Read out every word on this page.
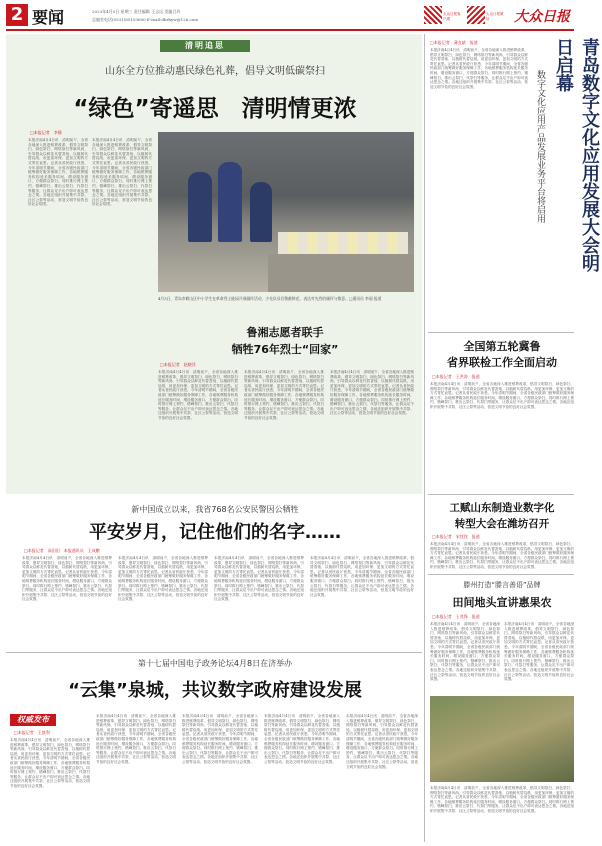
2 要闻	2023年4月5日 星期三 责任编辑 王志远 美编吕玲
总编室电话(0531)85193600 E-mail:dbrbyw@126.com
大众日报客户端
大众日报微信	大众日报
清明追思
山东全方位推动惠民绿色礼葬，倡导文明低碳祭扫
“绿色”寄遥思　清明情更浓
□本报记者　李静
本报济南4月4日讯　清明前夕，全省各地深入推进殡葬改革，倡导文明祭扫、绿色祭扫、网络祭扫等新风尚，引导群众以鲜花代替香烛、以植树代替烧纸，用更加环保、更加文明的方式寄托哀思。记者从省民政厅获悉，今年清明节期间，全省各级民政部门统筹做好服务保障工作，各地殡葬服务机构延长服务时间，增设服务窗口，方便群众祭扫。同时推行网上预约、错峰祭扫，推出云祭扫、代祭扫等服务，让群众足不出户即可表达思念之情。各地还组织开展集中共祭、社区公祭等活动，营造文明节俭的良好社会氛围。
本报济南4月4日讯　清明前夕，全省各地深入推进殡葬改革，倡导文明祭扫、绿色祭扫、网络祭扫等新风尚，引导群众以鲜花代替香烛、以植树代替烧纸，用更加环保、更加文明的方式寄托哀思。记者从省民政厅获悉，今年清明节期间，全省各级民政部门统筹做好服务保障工作，各地殡葬服务机构延长服务时间，增设服务窗口，方便群众祭扫。同时推行网上预约、错峰祭扫，推出云祭扫、代祭扫等服务，让群众足不出户即可表达思念之情。各地还组织开展集中共祭、社区公祭等活动，营造文明节俭的良好社会氛围。
4月3日，青岛市崂山区中小学生在革命烈士陵园开展缅怀活动，少先队员们敬献鲜花，表达对先烈的缅怀与敬意。□通讯员 李丽 报道
鲁湘志愿者联手
牺牲76年烈士“回家”
□本报记者　赵晓洋
本报济南4月4日讯　清明前夕，全省各地深入推进殡葬改革，倡导文明祭扫、绿色祭扫、网络祭扫等新风尚，引导群众以鲜花代替香烛、以植树代替烧纸，用更加环保、更加文明的方式寄托哀思。记者从省民政厅获悉，今年清明节期间，全省各级民政部门统筹做好服务保障工作，各地殡葬服务机构延长服务时间，增设服务窗口，方便群众祭扫。同时推行网上预约、错峰祭扫，推出云祭扫、代祭扫等服务，让群众足不出户即可表达思念之情。各地还组织开展集中共祭、社区公祭等活动，营造文明节俭的良好社会氛围。
本报济南4月4日讯　清明前夕，全省各地深入推进殡葬改革，倡导文明祭扫、绿色祭扫、网络祭扫等新风尚，引导群众以鲜花代替香烛、以植树代替烧纸，用更加环保、更加文明的方式寄托哀思。记者从省民政厅获悉，今年清明节期间，全省各级民政部门统筹做好服务保障工作，各地殡葬服务机构延长服务时间，增设服务窗口，方便群众祭扫。同时推行网上预约、错峰祭扫，推出云祭扫、代祭扫等服务，让群众足不出户即可表达思念之情。各地还组织开展集中共祭、社区公祭等活动，营造文明节俭的良好社会氛围。
本报济南4月4日讯　清明前夕，全省各地深入推进殡葬改革，倡导文明祭扫、绿色祭扫、网络祭扫等新风尚，引导群众以鲜花代替香烛、以植树代替烧纸，用更加环保、更加文明的方式寄托哀思。记者从省民政厅获悉，今年清明节期间，全省各级民政部门统筹做好服务保障工作，各地殡葬服务机构延长服务时间，增设服务窗口，方便群众祭扫。同时推行网上预约、错峰祭扫，推出云祭扫、代祭扫等服务，让群众足不出户即可表达思念之情。各地还组织开展集中共祭、社区公祭等活动，营造文明节俭的良好社会氛围。
新中国成立以来，我省768名公安民警因公牺牲
平安岁月，记住他们的名字……
□本报记者　高田田　本报通讯员　王成鹏
本报济南4月4日讯　清明前夕，全省各地深入推进殡葬改革，倡导文明祭扫、绿色祭扫、网络祭扫等新风尚，引导群众以鲜花代替香烛、以植树代替烧纸，用更加环保、更加文明的方式寄托哀思。记者从省民政厅获悉，今年清明节期间，全省各级民政部门统筹做好服务保障工作，各地殡葬服务机构延长服务时间，增设服务窗口，方便群众祭扫。同时推行网上预约、错峰祭扫，推出云祭扫、代祭扫等服务，让群众足不出户即可表达思念之情。各地还组织开展集中共祭、社区公祭等活动，营造文明节俭的良好社会氛围。
本报济南4月4日讯　清明前夕，全省各地深入推进殡葬改革，倡导文明祭扫、绿色祭扫、网络祭扫等新风尚，引导群众以鲜花代替香烛、以植树代替烧纸，用更加环保、更加文明的方式寄托哀思。记者从省民政厅获悉，今年清明节期间，全省各级民政部门统筹做好服务保障工作，各地殡葬服务机构延长服务时间，增设服务窗口，方便群众祭扫。同时推行网上预约、错峰祭扫，推出云祭扫、代祭扫等服务，让群众足不出户即可表达思念之情。各地还组织开展集中共祭、社区公祭等活动，营造文明节俭的良好社会氛围。
本报济南4月4日讯　清明前夕，全省各地深入推进殡葬改革，倡导文明祭扫、绿色祭扫、网络祭扫等新风尚，引导群众以鲜花代替香烛、以植树代替烧纸，用更加环保、更加文明的方式寄托哀思。记者从省民政厅获悉，今年清明节期间，全省各级民政部门统筹做好服务保障工作，各地殡葬服务机构延长服务时间，增设服务窗口，方便群众祭扫。同时推行网上预约、错峰祭扫，推出云祭扫、代祭扫等服务，让群众足不出户即可表达思念之情。各地还组织开展集中共祭、社区公祭等活动，营造文明节俭的良好社会氛围。
本报济南4月4日讯　清明前夕，全省各地深入推进殡葬改革，倡导文明祭扫、绿色祭扫、网络祭扫等新风尚，引导群众以鲜花代替香烛、以植树代替烧纸，用更加环保、更加文明的方式寄托哀思。记者从省民政厅获悉，今年清明节期间，全省各级民政部门统筹做好服务保障工作，各地殡葬服务机构延长服务时间，增设服务窗口，方便群众祭扫。同时推行网上预约、错峰祭扫，推出云祭扫、代祭扫等服务，让群众足不出户即可表达思念之情。各地还组织开展集中共祭、社区公祭等活动，营造文明节俭的良好社会氛围。
第十七届中国电子政务论坛4月8日在济举办
“云集”泉城，共议数字政府建设发展
权威发布
□本报记者　王凯利
本报济南4月4日讯　清明前夕，全省各地深入推进殡葬改革，倡导文明祭扫、绿色祭扫、网络祭扫等新风尚，引导群众以鲜花代替香烛、以植树代替烧纸，用更加环保、更加文明的方式寄托哀思。记者从省民政厅获悉，今年清明节期间，全省各级民政部门统筹做好服务保障工作，各地殡葬服务机构延长服务时间，增设服务窗口，方便群众祭扫。同时推行网上预约、错峰祭扫，推出云祭扫、代祭扫等服务，让群众足不出户即可表达思念之情。各地还组织开展集中共祭、社区公祭等活动，营造文明节俭的良好社会氛围。
本报济南4月4日讯　清明前夕，全省各地深入推进殡葬改革，倡导文明祭扫、绿色祭扫、网络祭扫等新风尚，引导群众以鲜花代替香烛、以植树代替烧纸，用更加环保、更加文明的方式寄托哀思。记者从省民政厅获悉，今年清明节期间，全省各级民政部门统筹做好服务保障工作，各地殡葬服务机构延长服务时间，增设服务窗口，方便群众祭扫。同时推行网上预约、错峰祭扫，推出云祭扫、代祭扫等服务，让群众足不出户即可表达思念之情。各地还组织开展集中共祭、社区公祭等活动，营造文明节俭的良好社会氛围。
本报济南4月4日讯　清明前夕，全省各地深入推进殡葬改革，倡导文明祭扫、绿色祭扫、网络祭扫等新风尚，引导群众以鲜花代替香烛、以植树代替烧纸，用更加环保、更加文明的方式寄托哀思。记者从省民政厅获悉，今年清明节期间，全省各级民政部门统筹做好服务保障工作，各地殡葬服务机构延长服务时间，增设服务窗口，方便群众祭扫。同时推行网上预约、错峰祭扫，推出云祭扫、代祭扫等服务，让群众足不出户即可表达思念之情。各地还组织开展集中共祭、社区公祭等活动，营造文明节俭的良好社会氛围。
本报济南4月4日讯　清明前夕，全省各地深入推进殡葬改革，倡导文明祭扫、绿色祭扫、网络祭扫等新风尚，引导群众以鲜花代替香烛、以植树代替烧纸，用更加环保、更加文明的方式寄托哀思。记者从省民政厅获悉，今年清明节期间，全省各级民政部门统筹做好服务保障工作，各地殡葬服务机构延长服务时间，增设服务窗口，方便群众祭扫。同时推行网上预约、错峰祭扫，推出云祭扫、代祭扫等服务，让群众足不出户即可表达思念之情。各地还组织开展集中共祭、社区公祭等活动，营造文明节俭的良好社会氛围。
本报济南4月4日讯　清明前夕，全省各地深入推进殡葬改革，倡导文明祭扫、绿色祭扫、网络祭扫等新风尚，引导群众以鲜花代替香烛、以植树代替烧纸，用更加环保、更加文明的方式寄托哀思。记者从省民政厅获悉，今年清明节期间，全省各级民政部门统筹做好服务保障工作，各地殡葬服务机构延长服务时间，增设服务窗口，方便群众祭扫。同时推行网上预约、错峰祭扫，推出云祭扫、代祭扫等服务，让群众足不出户即可表达思念之情。各地还组织开展集中共祭、社区公祭等活动，营造文明节俭的良好社会氛围。
青岛数字文化应用发展大会明日启幕
数字文化应用产品发展业务平台将启用
□本报记者　薄克斌　报道
本报济南4月4日讯　清明前夕，全省各地深入推进殡葬改革，倡导文明祭扫、绿色祭扫、网络祭扫等新风尚，引导群众以鲜花代替香烛、以植树代替烧纸，用更加环保、更加文明的方式寄托哀思。记者从省民政厅获悉，今年清明节期间，全省各级民政部门统筹做好服务保障工作，各地殡葬服务机构延长服务时间，增设服务窗口，方便群众祭扫。同时推行网上预约、错峰祭扫，推出云祭扫、代祭扫等服务，让群众足不出户即可表达思念之情。各地还组织开展集中共祭、社区公祭等活动，营造文明节俭的良好社会氛围。
全国第五轮冀鲁
省界联检工作全面启动
□本报记者　王洪涛　报道
本报济南4月4日讯　清明前夕，全省各地深入推进殡葬改革，倡导文明祭扫、绿色祭扫、网络祭扫等新风尚，引导群众以鲜花代替香烛、以植树代替烧纸，用更加环保、更加文明的方式寄托哀思。记者从省民政厅获悉，今年清明节期间，全省各级民政部门统筹做好服务保障工作，各地殡葬服务机构延长服务时间，增设服务窗口，方便群众祭扫。同时推行网上预约、错峰祭扫，推出云祭扫、代祭扫等服务，让群众足不出户即可表达思念之情。各地还组织开展集中共祭、社区公祭等活动，营造文明节俭的良好社会氛围。
工赋山东制造业数字化
转型大会在潍坊召开
□本报记者　宋忱忱　报道
本报济南4月4日讯　清明前夕，全省各地深入推进殡葬改革，倡导文明祭扫、绿色祭扫、网络祭扫等新风尚，引导群众以鲜花代替香烛、以植树代替烧纸，用更加环保、更加文明的方式寄托哀思。记者从省民政厅获悉，今年清明节期间，全省各级民政部门统筹做好服务保障工作，各地殡葬服务机构延长服务时间，增设服务窗口，方便群众祭扫。同时推行网上预约、错峰祭扫，推出云祭扫、代祭扫等服务，让群众足不出户即可表达思念之情。各地还组织开展集中共祭、社区公祭等活动，营造文明节俭的良好社会氛围。
滕州打造“滕言善语”品牌
田间地头宣讲惠果农
□本报记者　王兆锋　报道
本报济南4月4日讯　清明前夕，全省各地深入推进殡葬改革，倡导文明祭扫、绿色祭扫、网络祭扫等新风尚，引导群众以鲜花代替香烛、以植树代替烧纸，用更加环保、更加文明的方式寄托哀思。记者从省民政厅获悉，今年清明节期间，全省各级民政部门统筹做好服务保障工作，各地殡葬服务机构延长服务时间，增设服务窗口，方便群众祭扫。同时推行网上预约、错峰祭扫，推出云祭扫、代祭扫等服务，让群众足不出户即可表达思念之情。各地还组织开展集中共祭、社区公祭等活动，营造文明节俭的良好社会氛围。
本报济南4月4日讯　清明前夕，全省各地深入推进殡葬改革，倡导文明祭扫、绿色祭扫、网络祭扫等新风尚，引导群众以鲜花代替香烛、以植树代替烧纸，用更加环保、更加文明的方式寄托哀思。记者从省民政厅获悉，今年清明节期间，全省各级民政部门统筹做好服务保障工作，各地殡葬服务机构延长服务时间，增设服务窗口，方便群众祭扫。同时推行网上预约、错峰祭扫，推出云祭扫、代祭扫等服务，让群众足不出户即可表达思念之情。各地还组织开展集中共祭、社区公祭等活动，营造文明节俭的良好社会氛围。
本报济南4月4日讯　清明前夕，全省各地深入推进殡葬改革，倡导文明祭扫、绿色祭扫、网络祭扫等新风尚，引导群众以鲜花代替香烛、以植树代替烧纸，用更加环保、更加文明的方式寄托哀思。记者从省民政厅获悉，今年清明节期间，全省各级民政部门统筹做好服务保障工作，各地殡葬服务机构延长服务时间，增设服务窗口，方便群众祭扫。同时推行网上预约、错峰祭扫，推出云祭扫、代祭扫等服务，让群众足不出户即可表达思念之情。各地还组织开展集中共祭、社区公祭等活动，营造文明节俭的良好社会氛围。
